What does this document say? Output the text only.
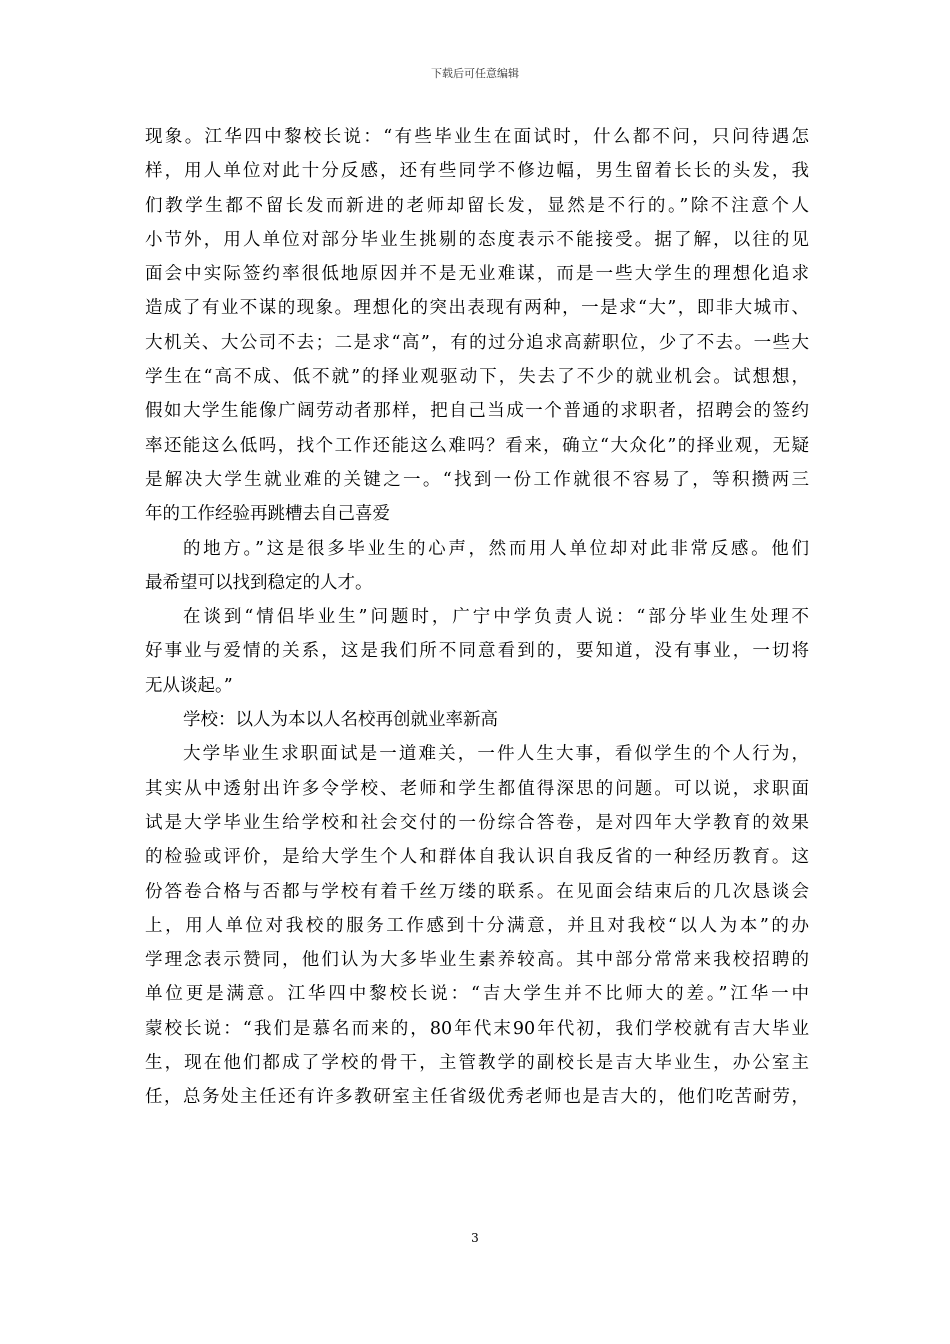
下载后可任意编辑
现象。江华四中黎校长说：“有些毕业生在面试时，什么都不问，只问待遇怎
样，用人单位对此十分反感，还有些同学不修边幅，男生留着长长的头发，我
们教学生都不留长发而新进的老师却留长发，显然是不行的。”除不注意个人
小节外，用人单位对部分毕业生挑剔的态度表示不能接受。据了解，以往的见
面会中实际签约率很低地原因并不是无业难谋，而是一些大学生的理想化追求
造成了有业不谋的现象。理想化的突出表现有两种，一是求“大”，即非大城市、
大机关、大公司不去；二是求“高”，有的过分追求高薪职位，少了不去。一些大
学生在“高不成、低不就”的择业观驱动下，失去了不少的就业机会。试想想，
假如大学生能像广阔劳动者那样，把自己当成一个普通的求职者，招聘会的签约
率还能这么低吗，找个工作还能这么难吗？看来，确立“大众化”的择业观，无疑
是解决大学生就业难的关键之一。“找到一份工作就很不容易了，等积攒两三
年的工作经验再跳槽去自己喜爱
的地方。”这是很多毕业生的心声，然而用人单位却对此非常反感。他们
最希望可以找到稳定的人才。
在谈到“情侣毕业生”问题时，广宁中学负责人说：“部分毕业生处理不
好事业与爱情的关系，这是我们所不同意看到的，要知道，没有事业，一切将
无从谈起。”
学校：以人为本以人名校再创就业率新高
大学毕业生求职面试是一道难关，一件人生大事，看似学生的个人行为，
其实从中透射出许多令学校、老师和学生都值得深思的问题。可以说，求职面
试是大学毕业生给学校和社会交付的一份综合答卷，是对四年大学教育的效果
的检验或评价，是给大学生个人和群体自我认识自我反省的一种经历教育。这
份答卷合格与否都与学校有着千丝万缕的联系。在见面会结束后的几次恳谈会
上，用人单位对我校的服务工作感到十分满意，并且对我校“以人为本”的办
学理念表示赞同，他们认为大多毕业生素养较高。其中部分常常来我校招聘的
单位更是满意。江华四中黎校长说：“吉大学生并不比师大的差。”江华一中
蒙校长说：“我们是慕名而来的，80年代末90年代初，我们学校就有吉大毕业
生，现在他们都成了学校的骨干，主管教学的副校长是吉大毕业生，办公室主
任，总务处主任还有许多教研室主任省级优秀老师也是吉大的，他们吃苦耐劳，
3
